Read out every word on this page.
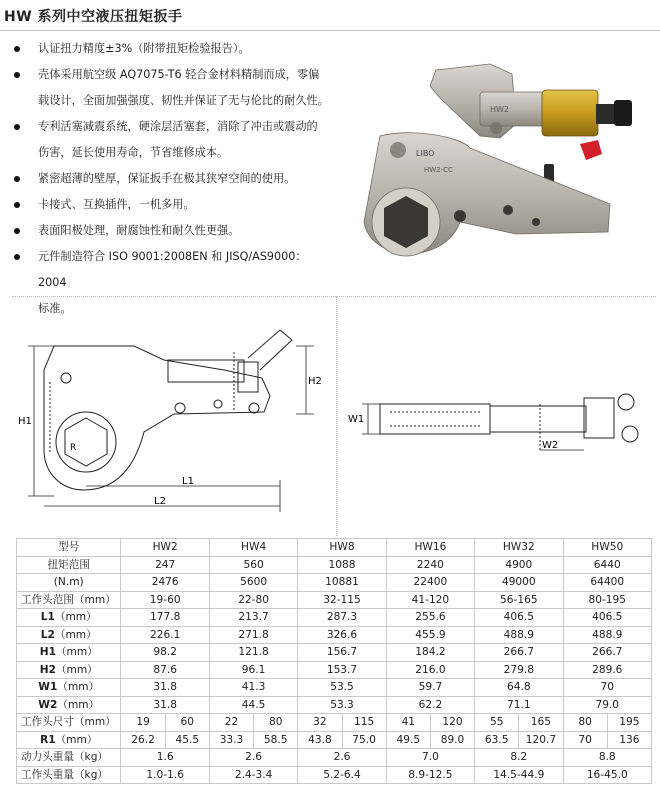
HW 系列中空液压扭矩扳手
认证扭力精度±3%（附带扭矩检验报告）。
壳体采用航空级 AQ7075-T6 轻合金材料精制而成，零偏
载设计，全面加强强度、韧性并保证了无与伦比的耐久性。
专利活塞减震系统，硬涂层活塞套，消除了冲击或震动的
伤害，延长使用寿命，节省维修成本。
紧密超薄的壁厚，保证扳手在极其狭窄空间的使用。
卡接式、互换插件，一机多用。
表面阳极处理，耐腐蚀性和耐久性更强。
元件制造符合 ISO 9001:2008EN 和 JISQ/AS9000：2004
标准。
HW2
LIBO
HW2-CC
H1
H2
L1
L2
R
W1
W2
型号	HW2		HW4		HW8		HW16		HW32		HW50	
扭矩范围	247		560		1088		2240		4900		6440	
(N.m)	2476		5600		10881		22400		49000		64400	
工作头范围（mm）	19-60		22-80		32-115		41-120		56-165		80-195	
L1（mm）	177.8		213.7		287.3		255.6		406.5		406.5	
L2（mm）	226.1		271.8		326.6		455.9		488.9		488.9	
H1（mm）	98.2		121.8		156.7		184.2		266.7		266.7	
H2（mm）	87.6		96.1		153.7		216.0		279.8		289.6	
W1（mm）	31.8		41.3		53.5		59.7		64.8		70	
W2（mm）	31.8		44.5		53.3		62.2		71.1		79.0	
工作头尺寸（mm）	19	60	22	80	32	115	41	120	55	165	80	195
R1（mm）	26.2	45.5	33.3	58.5	43.8	75.0	49.5	89.0	63.5	120.7	70	136
动力头重量（kg）	1.6		2.6		2.6		7.0		8.2		8.8	
工作头重量（kg）	1.0-1.6		2.4-3.4		5.2-6.4		8.9-12.5		14.5-44.9		16-45.0	
